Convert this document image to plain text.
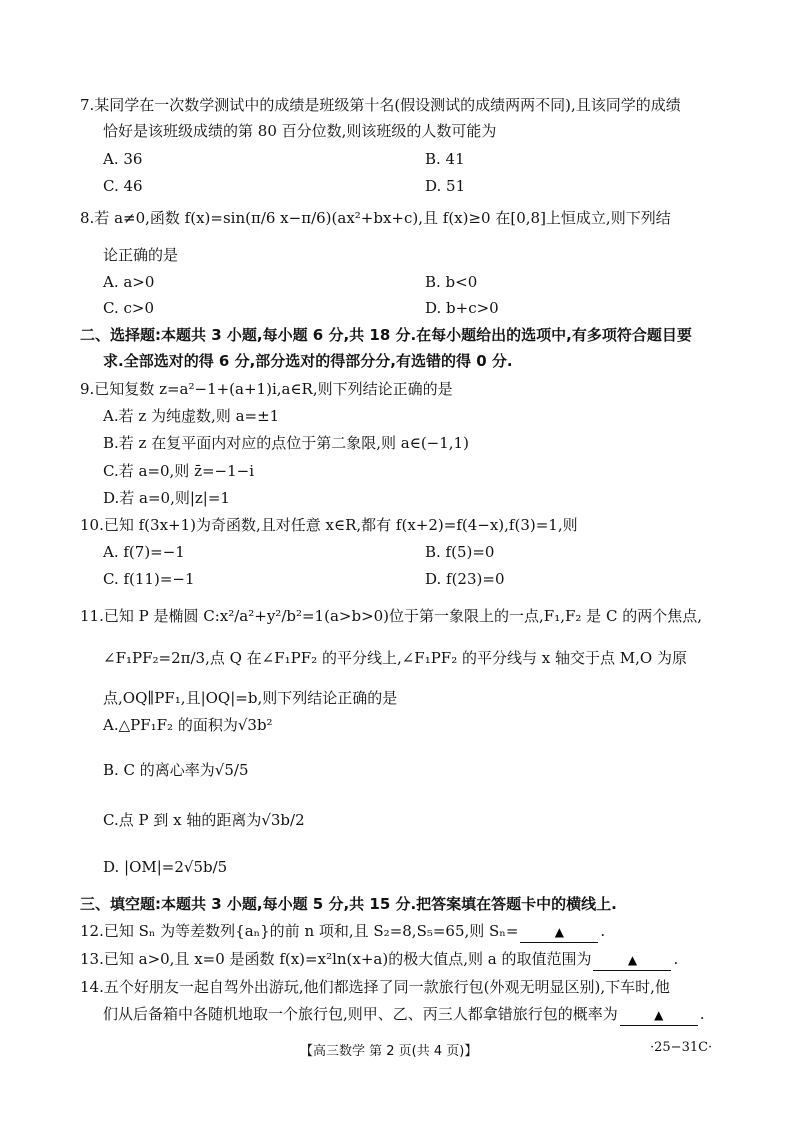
7.某同学在一次数学测试中的成绩是班级第十名(假设测试的成绩两两不同),且该同学的成绩
恰好是该班级成绩的第 80 百分位数,则该班级的人数可能为
A. 36	B. 41
C. 46	D. 51
8.若 a≠0,函数 f(x)=sin(π/6 x−π/6)(ax²+bx+c),且 f(x)≥0 在[0,8]上恒成立,则下列结
论正确的是
A. a>0	B. b<0
C. c>0	D. b+c>0
二、选择题:本题共 3 小题,每小题 6 分,共 18 分.在每小题给出的选项中,有多项符合题目要
求.全部选对的得 6 分,部分选对的得部分分,有选错的得 0 分.
9.已知复数 z=a²−1+(a+1)i,a∈R,则下列结论正确的是
A.若 z 为纯虚数,则 a=±1
B.若 z 在复平面内对应的点位于第二象限,则 a∈(−1,1)
C.若 a=0,则 z̄=−1−i
D.若 a=0,则|z|=1
10.已知 f(3x+1)为奇函数,且对任意 x∈R,都有 f(x+2)=f(4−x),f(3)=1,则
A. f(7)=−1	B. f(5)=0
C. f(11)=−1	D. f(23)=0
11.已知 P 是椭圆 C:x²/a²+y²/b²=1(a>b>0)位于第一象限上的一点,F₁,F₂ 是 C 的两个焦点,
∠F₁PF₂=2π/3,点 Q 在∠F₁PF₂ 的平分线上,∠F₁PF₂ 的平分线与 x 轴交于点 M,O 为原
点,OQ∥PF₁,且|OQ|=b,则下列结论正确的是
A.△PF₁F₂ 的面积为√3b²
B. C 的离心率为√5/5
C.点 P 到 x 轴的距离为√3b/2
D. |OM|=2√5b/5
三、填空题:本题共 3 小题,每小题 5 分,共 15 分.把答案填在答题卡中的横线上.
12.已知 Sₙ 为等差数列{aₙ}的前 n 项和,且 S₂=8,S₅=65,则 Sₙ=	▲ .
13.已知 a>0,且 x=0 是函数 f(x)=x²ln(x+a)的极大值点,则 a 的取值范围为	▲ .
14.五个好朋友一起自驾外出游玩,他们都选择了同一款旅行包(外观无明显区别),下车时,他
们从后备箱中各随机地取一个旅行包,则甲、乙、丙三人都拿错旅行包的概率为	▲ .
【高三数学 第 2 页(共 4 页)】	·25−31C·
